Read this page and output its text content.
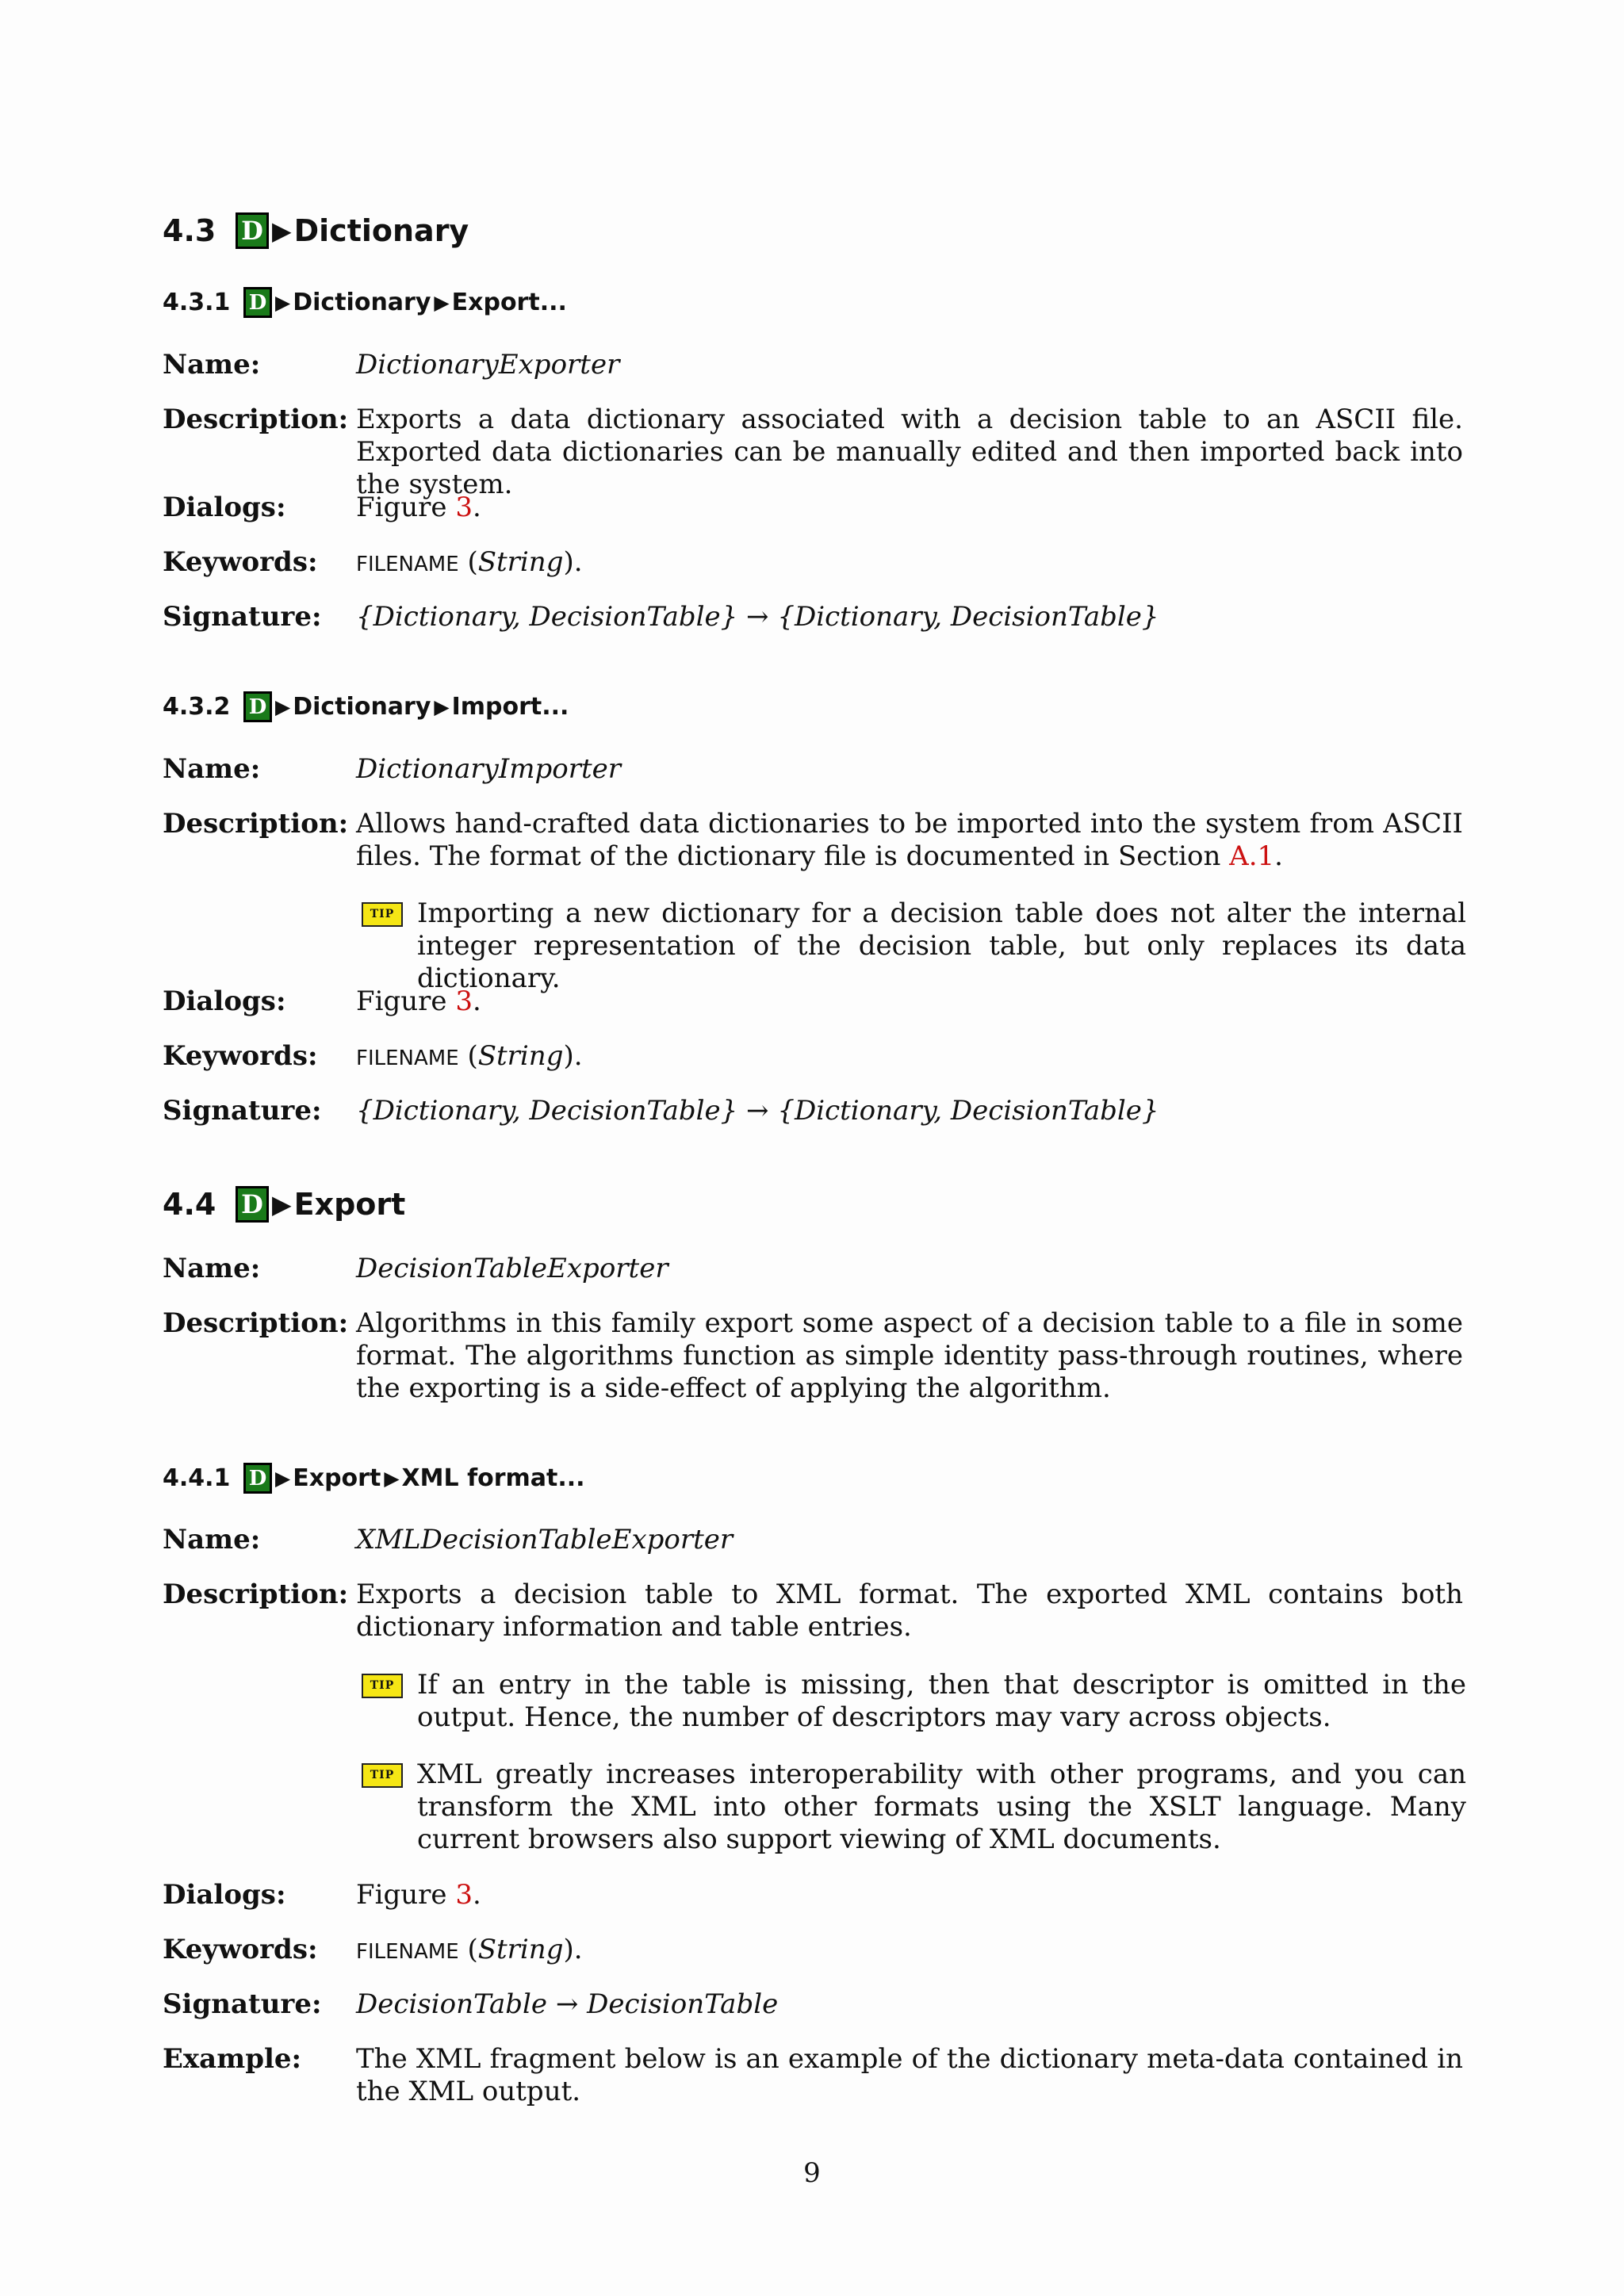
4.3 D ▶ Dictionary
4.3.1 D ▶ Dictionary ▶ Export...
Name:	DictionaryExporter
Description: Exports a data dictionary associated with a decision table to an ASCII file. Exported data dictionaries can be manually edited and then imported back into the system.
Dialogs:	Figure 3.
Keywords:	FILENAME (String).
Signature:	{Dictionary, DecisionTable} → {Dictionary, DecisionTable}
4.3.2 D ▶ Dictionary ▶ Import...
Name:	DictionaryImporter
Description: Allows hand-crafted data dictionaries to be imported into the system from ASCII files. The format of the dictionary file is documented in Section A.1.
TIP Importing a new dictionary for a decision table does not alter the internal integer representation of the decision table, but only replaces its data dictionary.
Dialogs:	Figure 3.
Keywords:	FILENAME (String).
Signature:	{Dictionary, DecisionTable} → {Dictionary, DecisionTable}
4.4 D ▶ Export
Name:	DecisionTableExporter
Description: Algorithms in this family export some aspect of a decision table to a file in some format. The algorithms function as simple identity pass-through routines, where the exporting is a side-effect of applying the algorithm.
4.4.1 D ▶ Export ▶ XML format...
Name:	XMLDecisionTableExporter
Description: Exports a decision table to XML format. The exported XML contains both dictionary information and table entries.
TIP If an entry in the table is missing, then that descriptor is omitted in the output. Hence, the number of descriptors may vary across objects.
TIP XML greatly increases interoperability with other programs, and you can transform the XML into other formats using the XSLT language. Many current browsers also support viewing of XML documents.
Dialogs:	Figure 3.
Keywords:	FILENAME (String).
Signature:	DecisionTable → DecisionTable
Example:	The XML fragment below is an example of the dictionary meta-data contained in the XML output.
9
